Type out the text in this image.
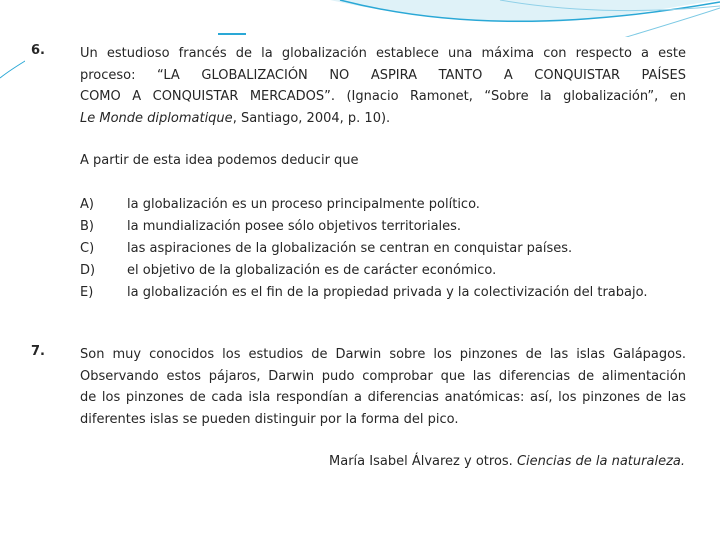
6.	Un estudioso francés de la globalización establece una máxima con respecto a este
proceso: “LA GLOBALIZACIÓN NO ASPIRA TANTO A CONQUISTAR PAÍSES
COMO A CONQUISTAR MERCADOS”. (Ignacio Ramonet, “Sobre la globalización”, en
Le Monde diplomatique, Santiago, 2004, p. 10).
A partir de esta idea podemos deducir que
A)	la globalización es un proceso principalmente político.
B)	la mundialización posee sólo objetivos territoriales.
C)	las aspiraciones de la globalización se centran en conquistar países.
D)	el objetivo de la globalización es de carácter económico.
E)	la globalización es el fin de la propiedad privada y la colectivización del trabajo.
7.	Son muy conocidos los estudios de Darwin sobre los pinzones de las islas Galápagos.
Observando estos pájaros, Darwin pudo comprobar que las diferencias de alimentación
de los pinzones de cada isla respondían a diferencias anatómicas: así, los pinzones de las
diferentes islas se pueden distinguir por la forma del pico.
María Isabel Álvarez y otros. Ciencias de la naturaleza.
